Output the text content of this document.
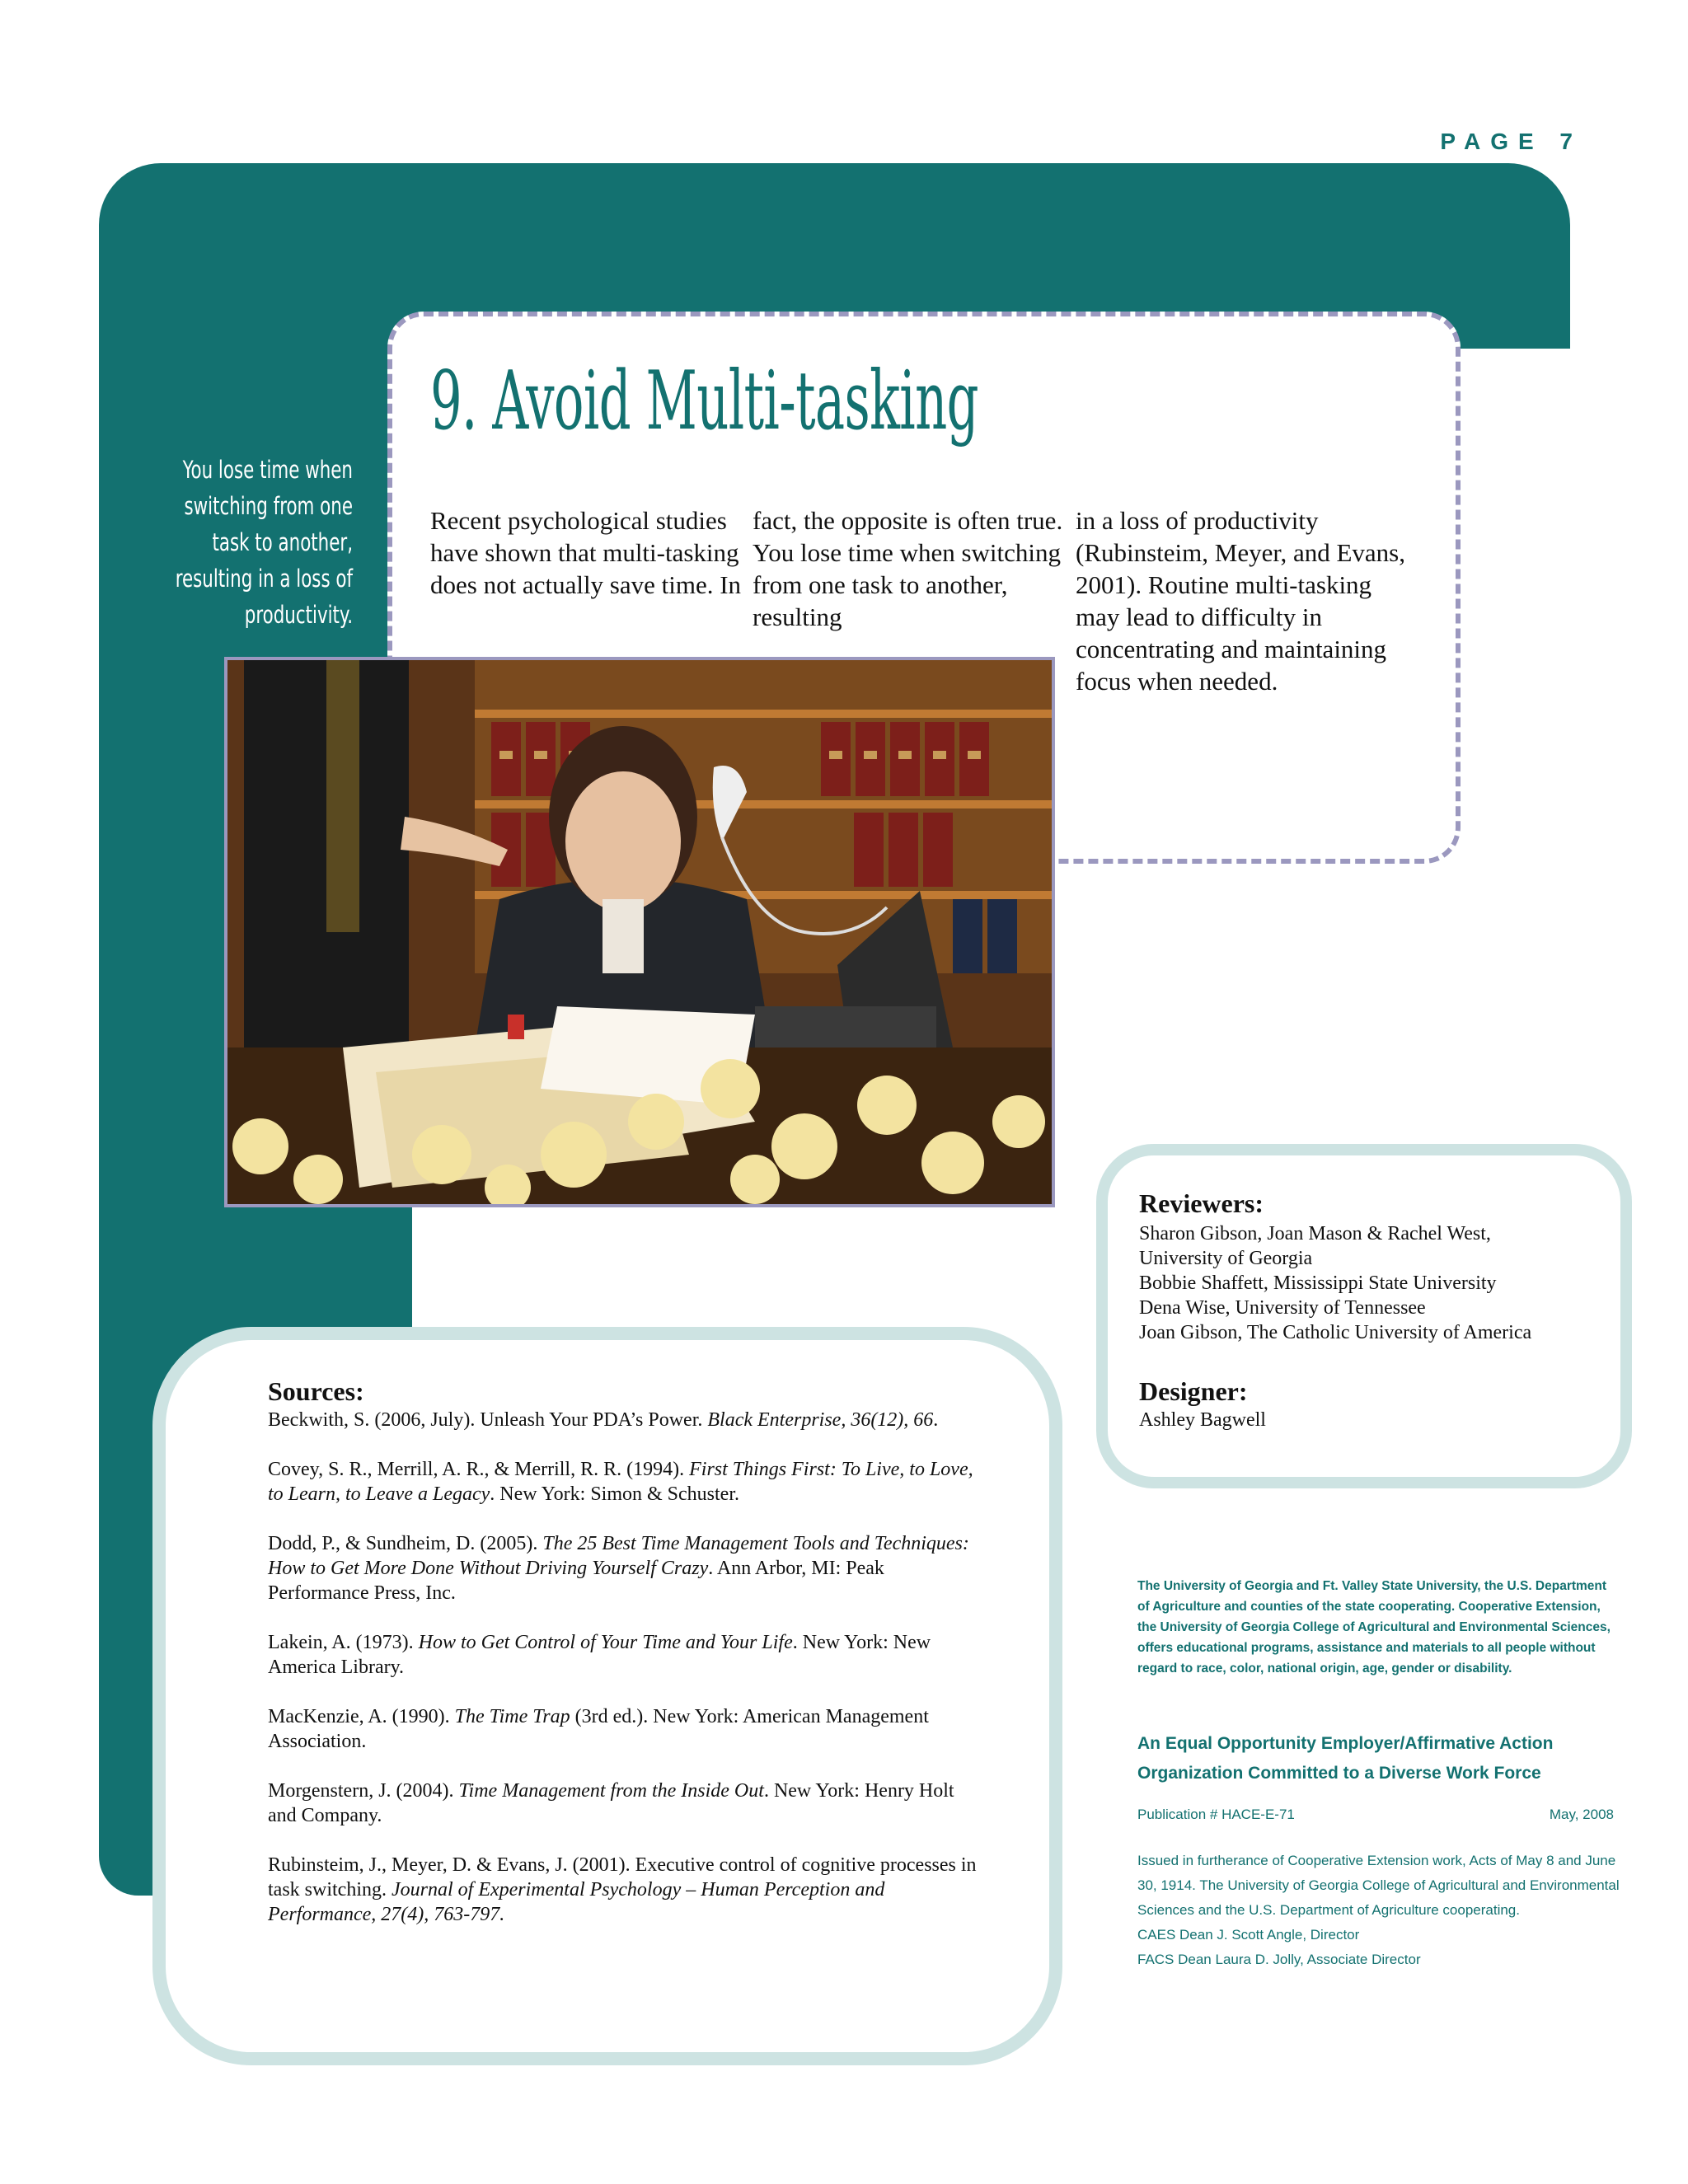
PAGE 7
You lose time when switching from one task to another, resulting in a loss of productivity.
9. Avoid Multi-tasking
Recent psychological studies have shown that multi-tasking does not actually save time. In
fact, the opposite is often true. You lose time when switching from one task to another, resulting
in a loss of productivity (Rubinsteim, Meyer, and Evans, 2001). Routine multi-tasking may lead to difficulty in concentrating and maintaining focus when needed.
Reviewers:
Sharon Gibson, Joan Mason & Rachel West,
University of Georgia
Bobbie Shaffett, Mississippi State University
Dena Wise, University of Tennessee
Joan Gibson, The Catholic University of America
Designer:
Ashley Bagwell
Sources:
Beckwith, S. (2006, July). Unleash Your PDA’s Power. Black Enterprise, 36(12), 66.
Covey, S. R., Merrill, A. R., & Merrill, R. R. (1994). First Things First: To Live, to Love, to Learn, to Leave a Legacy. New York: Simon & Schuster.
Dodd, P., & Sundheim, D. (2005). The 25 Best Time Management Tools and Techniques: How to Get More Done Without Driving Yourself Crazy. Ann Arbor, MI: Peak Performance Press, Inc.
Lakein, A. (1973). How to Get Control of Your Time and Your Life. New York: New America Library.
MacKenzie, A. (1990). The Time Trap (3rd ed.). New York: American Management Association.
Morgenstern, J. (2004). Time Management from the Inside Out. New York: Henry Holt and Company.
Rubinsteim, J., Meyer, D. & Evans, J. (2001). Executive control of cognitive processes in task switching. Journal of Experimental Psychology – Human Perception and Performance, 27(4), 763-797.
The University of Georgia and Ft. Valley State University, the U.S. Department of Agriculture and counties of the state cooperating. Cooperative Extension, the University of Georgia College of Agricultural and Environmental Sciences, offers educational programs, assistance and materials to all people without regard to race, color, national origin, age, gender or disability.
An Equal Opportunity Employer/Affirmative Action Organization Committed to a Diverse Work Force
Publication # HACE-E-71	May, 2008
Issued in furtherance of Cooperative Extension work, Acts of May 8 and June 30, 1914. The University of Georgia College of Agricultural and Environmental Sciences and the U.S. Department of Agriculture cooperating.
CAES Dean J. Scott Angle, Director
FACS Dean Laura D. Jolly, Associate Director
